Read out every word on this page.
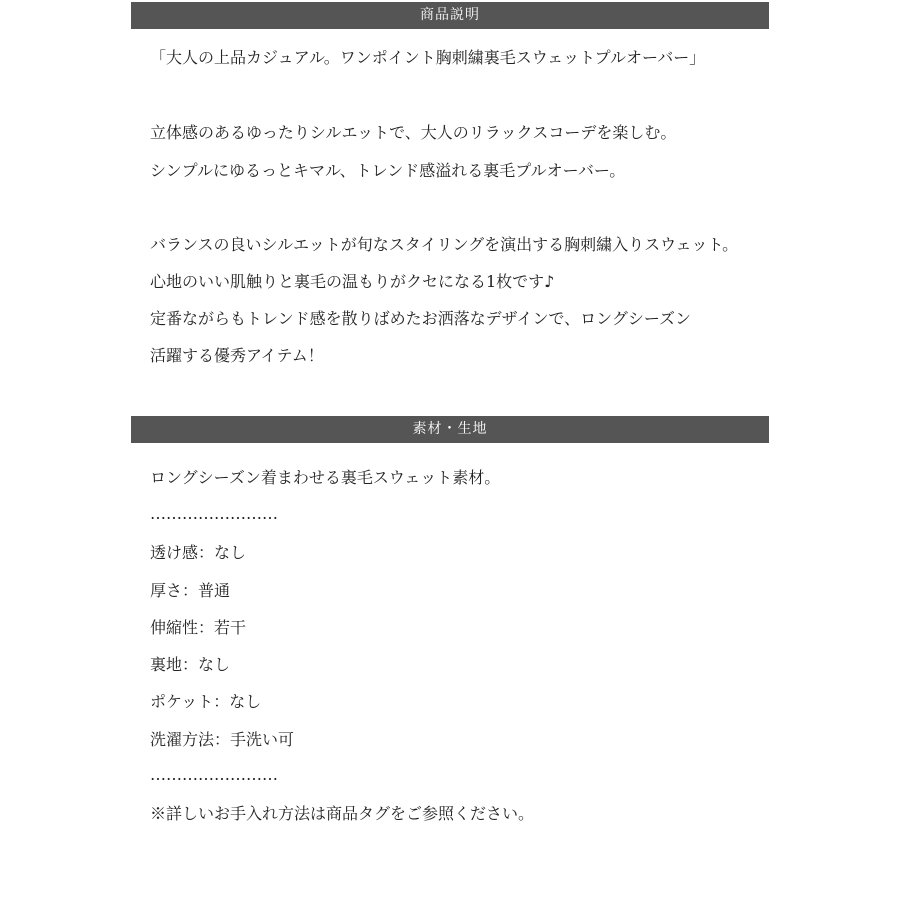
商品説明
「大人の上品カジュアル。ワンポイント胸刺繍裏毛スウェットプルオーバー」
立体感のあるゆったりシルエットで、大人のリラックスコーデを楽しむ。
シンプルにゆるっとキマル、トレンド感溢れる裏毛プルオーバー。
バランスの良いシルエットが旬なスタイリングを演出する胸刺繍入りスウェット。
心地のいい肌触りと裏毛の温もりがクセになる1枚です♪
定番ながらもトレンド感を散りばめたお洒落なデザインで、ロングシーズン
活躍する優秀アイテム！
素材・生地
ロングシーズン着まわせる裏毛スウェット素材。
……………………
透け感：なし
厚さ：普通
伸縮性：若干
裏地：なし
ポケット：なし
洗濯方法：手洗い可
……………………
※詳しいお手入れ方法は商品タグをご参照ください。
